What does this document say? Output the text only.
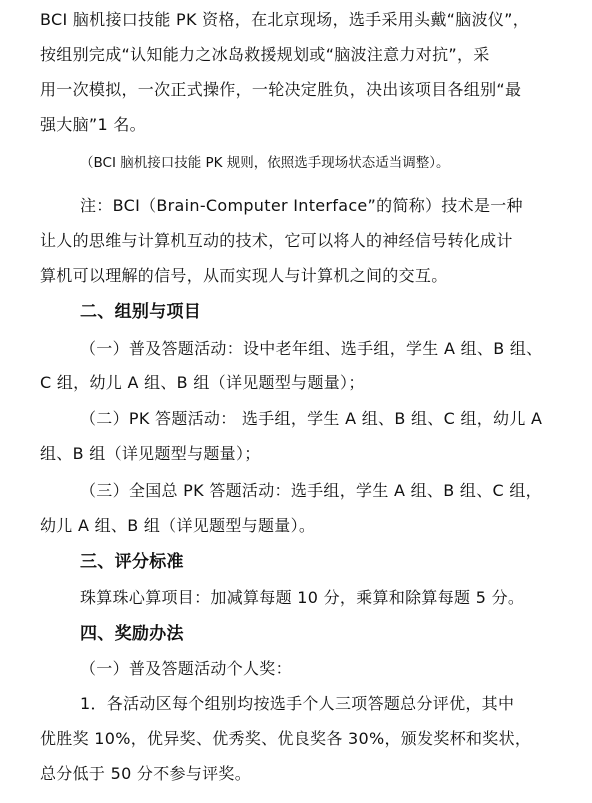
BCI 脑机接口技能 PK 资格，在北京现场，选手采用头戴“脑波仪”，
按组别完成“认知能力之冰岛救援规划或“脑波注意力对抗”，采
用一次模拟，一次正式操作，一轮决定胜负，决出该项目各组别“最
强大脑”1 名。
（BCI 脑机接口技能 PK 规则，依照选手现场状态适当调整）。
注：BCI（Brain-Computer Interface”的简称）技术是一种
让人的思维与计算机互动的技术，它可以将人的神经信号转化成计
算机可以理解的信号，从而实现人与计算机之间的交互。
二、组别与项目
（一）普及答题活动：设中老年组、选手组，学生 A 组、B 组、
C 组，幼儿 A 组、B 组（详见题型与题量）；
（二）PK 答题活动： 选手组，学生 A 组、B 组、C 组，幼儿 A
组、B 组（详见题型与题量）；
（三）全国总 PK 答题活动：选手组，学生 A 组、B 组、C 组，
幼儿 A 组、B 组（详见题型与题量）。
三、评分标准
珠算珠心算项目：加减算每题 10 分，乘算和除算每题 5 分。
四、奖励办法
（一）普及答题活动个人奖：
1．各活动区每个组别均按选手个人三项答题总分评优，其中
优胜奖 10%，优异奖、优秀奖、优良奖各 30%，颁发奖杯和奖状，
总分低于 50 分不参与评奖。
